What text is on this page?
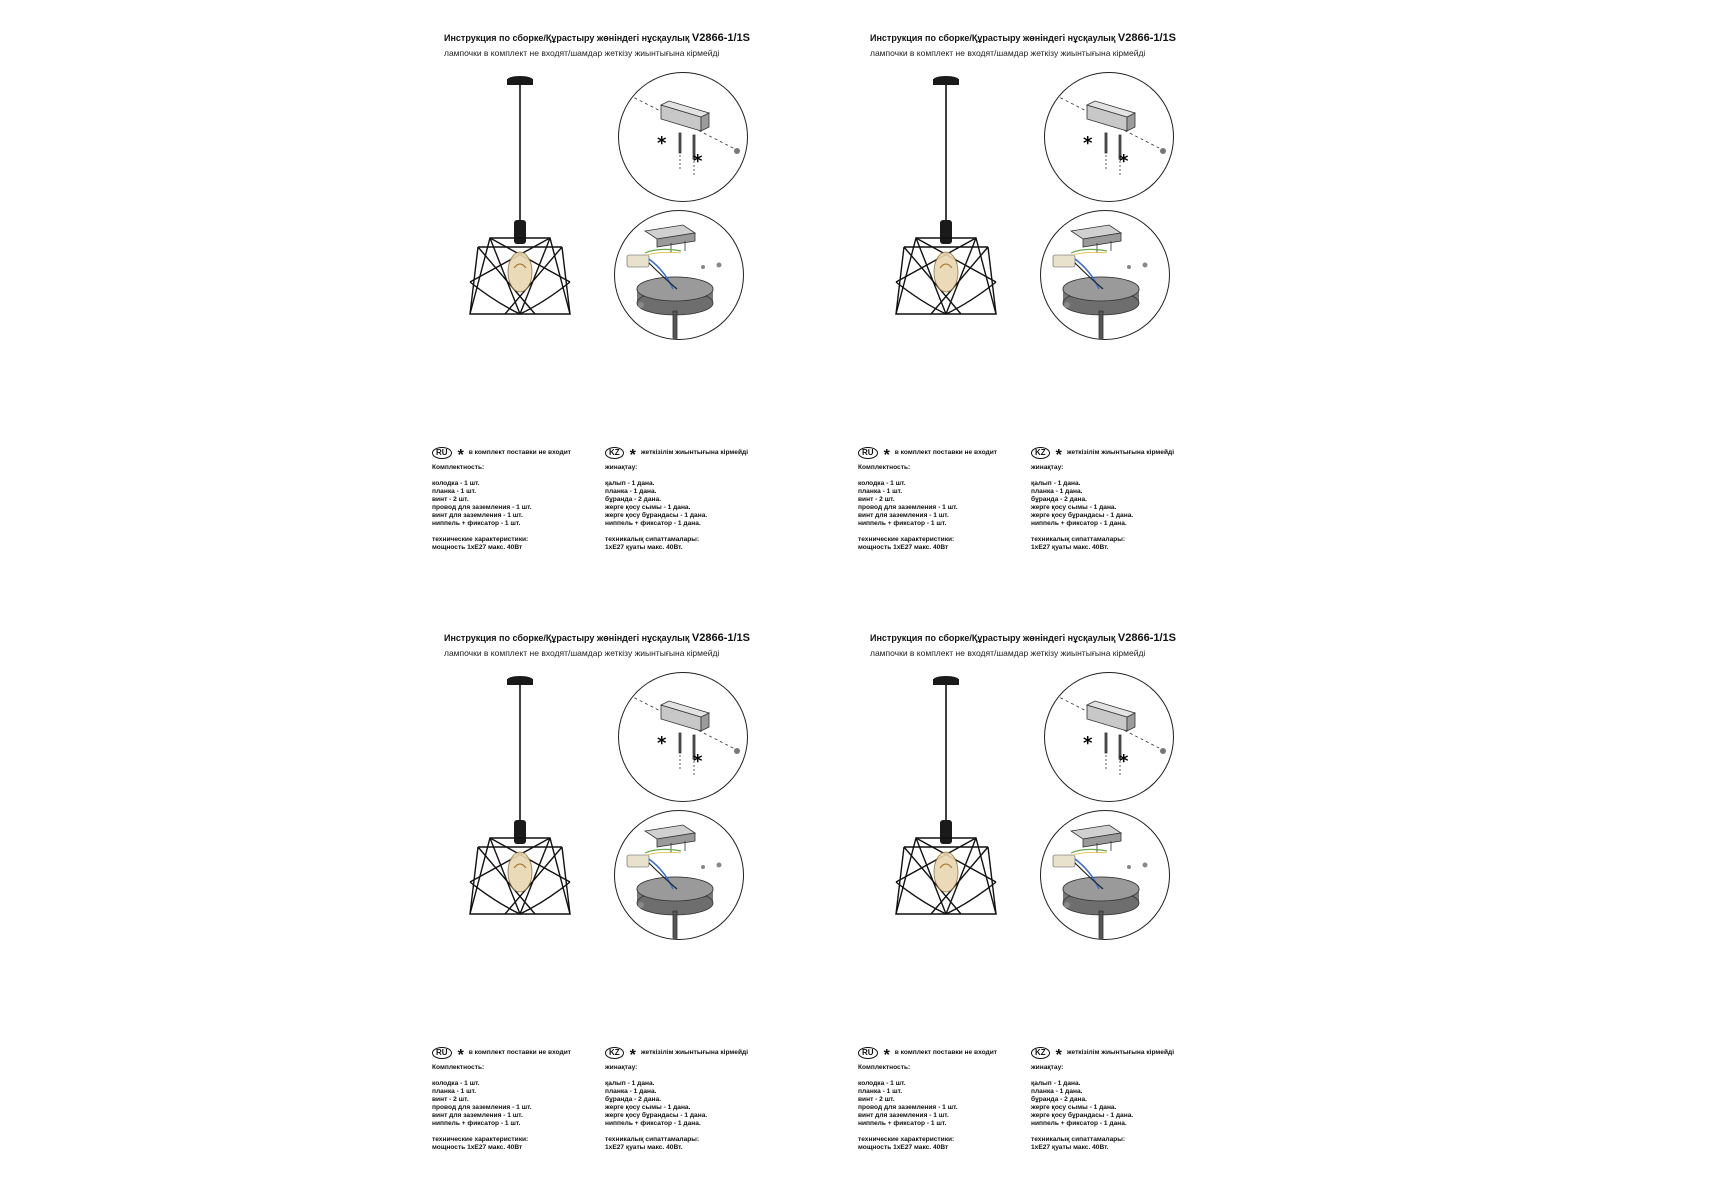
Инструкция по сборке/Құрастыру жөніндегі нұсқаулық V2866-1/1S
лампочки в комплект не входят/шамдар жеткізу жиынтығына кірмейді
*
*
RU * в комплект поставки не входит
Комплектность:
колодка - 1 шт.
планка - 1 шт.
винт - 2 шт.
провод для заземления - 1 шт.
винт для заземления - 1 шт.
ниппель + фиксатор - 1 шт.
технические характеристики:
мощность 1хЕ27 макс. 40Вт
KZ * жеткізілім жиынтығына кірмейді
жинақтау:
қалып - 1 дана.
планка - 1 дана.
бұранда - 2 дана.
жерге қосу сымы - 1 дана.
жерге қосу бұрандасы - 1 дана.
ниппель + фиксатор - 1 дана.
техникалық сипаттамалары:
1хЕ27 қуаты макс. 40Вт.
Инструкция по сборке/Құрастыру жөніндегі нұсқаулық V2866-1/1S
лампочки в комплект не входят/шамдар жеткізу жиынтығына кірмейді
*
*
RU * в комплект поставки не входит
Комплектность:
колодка - 1 шт.
планка - 1 шт.
винт - 2 шт.
провод для заземления - 1 шт.
винт для заземления - 1 шт.
ниппель + фиксатор - 1 шт.
технические характеристики:
мощность 1хЕ27 макс. 40Вт
KZ * жеткізілім жиынтығына кірмейді
жинақтау:
қалып - 1 дана.
планка - 1 дана.
бұранда - 2 дана.
жерге қосу сымы - 1 дана.
жерге қосу бұрандасы - 1 дана.
ниппель + фиксатор - 1 дана.
техникалық сипаттамалары:
1хЕ27 қуаты макс. 40Вт.
Инструкция по сборке/Құрастыру жөніндегі нұсқаулық V2866-1/1S
лампочки в комплект не входят/шамдар жеткізу жиынтығына кірмейді
*
*
RU * в комплект поставки не входит
Комплектность:
колодка - 1 шт.
планка - 1 шт.
винт - 2 шт.
провод для заземления - 1 шт.
винт для заземления - 1 шт.
ниппель + фиксатор - 1 шт.
технические характеристики:
мощность 1хЕ27 макс. 40Вт
KZ * жеткізілім жиынтығына кірмейді
жинақтау:
қалып - 1 дана.
планка - 1 дана.
бұранда - 2 дана.
жерге қосу сымы - 1 дана.
жерге қосу бұрандасы - 1 дана.
ниппель + фиксатор - 1 дана.
техникалық сипаттамалары:
1хЕ27 қуаты макс. 40Вт.
Инструкция по сборке/Құрастыру жөніндегі нұсқаулық V2866-1/1S
лампочки в комплект не входят/шамдар жеткізу жиынтығына кірмейді
*
*
RU * в комплект поставки не входит
Комплектность:
колодка - 1 шт.
планка - 1 шт.
винт - 2 шт.
провод для заземления - 1 шт.
винт для заземления - 1 шт.
ниппель + фиксатор - 1 шт.
технические характеристики:
мощность 1хЕ27 макс. 40Вт
KZ * жеткізілім жиынтығына кірмейді
жинақтау:
қалып - 1 дана.
планка - 1 дана.
бұранда - 2 дана.
жерге қосу сымы - 1 дана.
жерге қосу бұрандасы - 1 дана.
ниппель + фиксатор - 1 дана.
техникалық сипаттамалары:
1хЕ27 қуаты макс. 40Вт.
